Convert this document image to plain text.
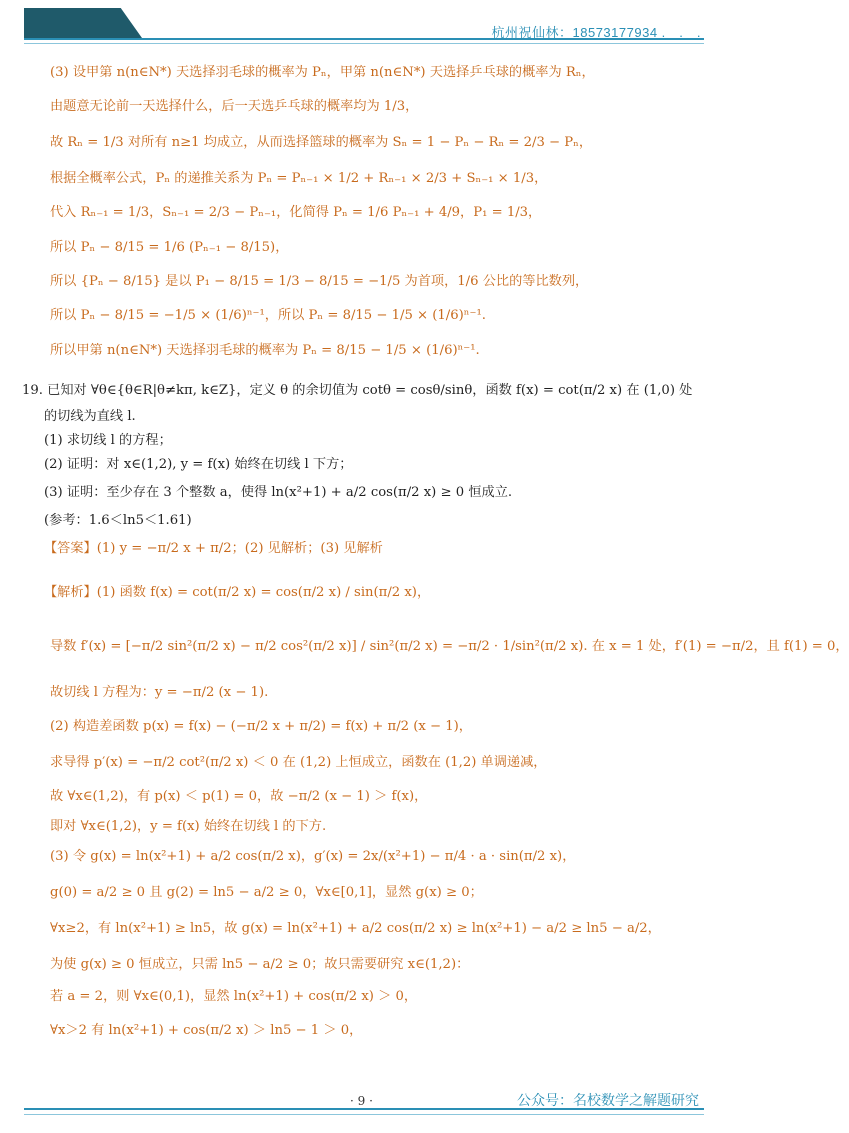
杭州祝仙林：18573177934 .　.　.
(3) 设甲第 n(n∈N*) 天选择羽毛球的概率为 Pₙ，甲第 n(n∈N*) 天选择乒乓球的概率为 Rₙ，
由题意无论前一天选择什么，后一天选乒乓球的概率均为 1/3，
故 Rₙ = 1/3 对所有 n≥1 均成立，从而选择篮球的概率为 Sₙ = 1 − Pₙ − Rₙ = 2/3 − Pₙ，
根据全概率公式，Pₙ 的递推关系为 Pₙ = Pₙ₋₁ × 1/2 + Rₙ₋₁ × 2/3 + Sₙ₋₁ × 1/3，
代入 Rₙ₋₁ = 1/3，Sₙ₋₁ = 2/3 − Pₙ₋₁，化简得 Pₙ = 1/6 Pₙ₋₁ + 4/9，P₁ = 1/3，
所以 Pₙ − 8/15 = 1/6 (Pₙ₋₁ − 8/15)，
所以 {Pₙ − 8/15} 是以 P₁ − 8/15 = 1/3 − 8/15 = −1/5 为首项，1/6 公比的等比数列，
所以 Pₙ − 8/15 = −1/5 × (1/6)ⁿ⁻¹，所以 Pₙ = 8/15 − 1/5 × (1/6)ⁿ⁻¹.
所以甲第 n(n∈N*) 天选择羽毛球的概率为 Pₙ = 8/15 − 1/5 × (1/6)ⁿ⁻¹.
19. 已知对 ∀θ∈{θ∈R|θ≠kπ, k∈Z}，定义 θ 的余切值为 cotθ = cosθ/sinθ，函数 f(x) = cot(π/2 x) 在 (1,0) 处
的切线为直线 l.
(1) 求切线 l 的方程；
(2) 证明：对 x∈(1,2), y = f(x) 始终在切线 l 下方；
(3) 证明：至少存在 3 个整数 a，使得 ln(x²+1) + a/2 cos(π/2 x) ≥ 0 恒成立.
(参考：1.6＜ln5＜1.61)
【答案】(1) y = −π/2 x + π/2；(2) 见解析；(3) 见解析
【解析】(1) 函数 f(x) = cot(π/2 x) = cos(π/2 x) / sin(π/2 x)，
导数 f′(x) = [−π/2 sin²(π/2 x) − π/2 cos²(π/2 x)] / sin²(π/2 x) = −π/2 · 1/sin²(π/2 x). 在 x = 1 处，f′(1) = −π/2，且 f(1) = 0，
故切线 l 方程为：y = −π/2 (x − 1).
(2) 构造差函数 p(x) = f(x) − (−π/2 x + π/2) = f(x) + π/2 (x − 1)，
求导得 p′(x) = −π/2 cot²(π/2 x) ＜ 0 在 (1,2) 上恒成立，函数在 (1,2) 单调递减，
故 ∀x∈(1,2)，有 p(x) ＜ p(1) = 0，故 −π/2 (x − 1) ＞ f(x)，
即对 ∀x∈(1,2)，y = f(x) 始终在切线 l 的下方.
(3) 令 g(x) = ln(x²+1) + a/2 cos(π/2 x)，g′(x) = 2x/(x²+1) − π/4 · a · sin(π/2 x)，
g(0) = a/2 ≥ 0 且 g(2) = ln5 − a/2 ≥ 0，∀x∈[0,1]，显然 g(x) ≥ 0；
∀x≥2，有 ln(x²+1) ≥ ln5，故 g(x) = ln(x²+1) + a/2 cos(π/2 x) ≥ ln(x²+1) − a/2 ≥ ln5 − a/2，
为使 g(x) ≥ 0 恒成立，只需 ln5 − a/2 ≥ 0；故只需要研究 x∈(1,2)：
若 a = 2，则 ∀x∈(0,1)，显然 ln(x²+1) + cos(π/2 x) ＞ 0，
∀x＞2 有 ln(x²+1) + cos(π/2 x) ＞ ln5 − 1 ＞ 0，
· 9 ·	公众号：名校数学之解题研究
